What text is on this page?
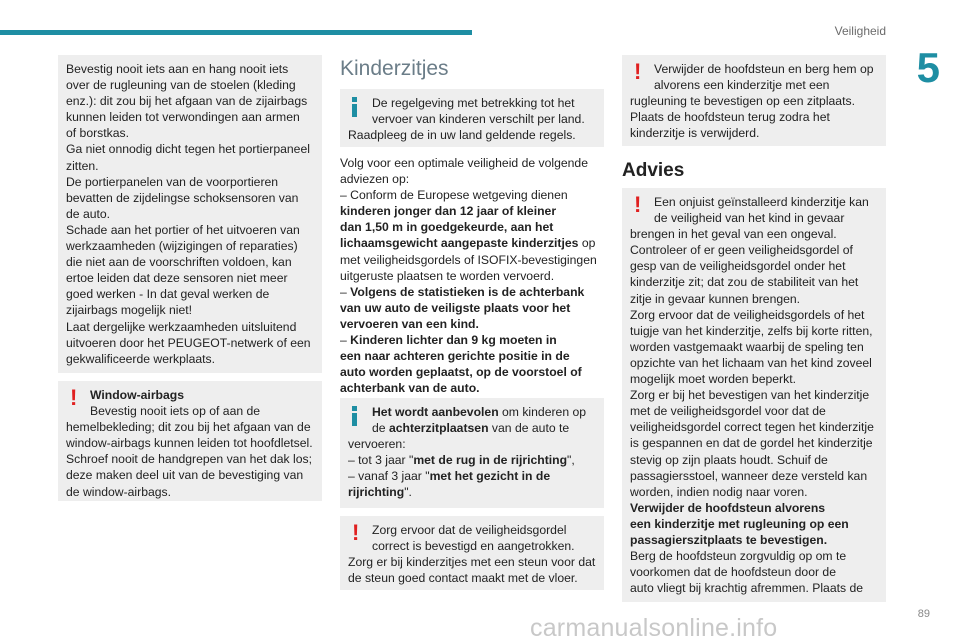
Veiligheid
5

Bevestig nooit iets aan en hang nooit iets

over de rugleuning van de stoelen (kleding

enz.): dit zou bij het afgaan van de zijairbags

kunnen leiden tot verwondingen aan armen

of borstkas.

Ga niet onnodig dicht tegen het portierpaneel

zitten.

De portierpanelen van de voorportieren

bevatten de zijdelingse schoksensoren van

de auto.

Schade aan het portier of het uitvoeren van

werkzaamheden (wijzigingen of reparaties)

die niet aan de voorschriften voldoen, kan

ertoe leiden dat deze sensoren niet meer

goed werken - In dat geval werken de

zijairbags mogelijk niet!

Laat dergelijke werkzaamheden uitsluitend

uitvoeren door het PEUGEOT-netwerk of een

gekwalificeerde werkplaats.

!	Window-airbags

Bevestig nooit iets op of aan de

hemelbekleding; dit zou bij het afgaan van de

window-airbags kunnen leiden tot hoofdletsel.

Schroef nooit de handgrepen van het dak los;

deze maken deel uit van de bevestiging van

de window-airbags.

Kinderzitjes

De regelgeving met betrekking tot het

vervoer van kinderen verschilt per land.

Raadpleeg de in uw land geldende regels.

Volg voor een optimale veiligheid de volgende

adviezen op:

– Conform de Europese wetgeving dienen

kinderen jonger dan 12 jaar of kleiner

dan 1,50 m in goedgekeurde, aan het

lichaamsgewicht aangepaste kinderzitjes op

met veiligheidsgordels of ISOFIX-bevestigingen

uitgeruste plaatsen te worden vervoerd.

– Volgens de statistieken is de achterbank

van uw auto de veiligste plaats voor het

vervoeren van een kind.

– Kinderen lichter dan 9 kg moeten in

een naar achteren gerichte positie in de

auto worden geplaatst, op de voorstoel of

achterbank van de auto.

Het wordt aanbevolen om kinderen op

de achterzitplaatsen van de auto te

vervoeren:

– tot 3 jaar "met de rug in de rijrichting",

– vanaf 3 jaar "met het gezicht in de

rijrichting".

!	Zorg ervoor dat de veiligheidsgordel

correct is bevestigd en aangetrokken.

Zorg er bij kinderzitjes met een steun voor dat

de steun goed contact maakt met de vloer.

!	Verwijder de hoofdsteun en berg hem op

alvorens een kinderzitje met een

rugleuning te bevestigen op een zitplaats.

Plaats de hoofdsteun terug zodra het

kinderzitje is verwijderd.

Advies
!	Een onjuist geïnstalleerd kinderzitje kan

de veiligheid van het kind in gevaar

brengen in het geval van een ongeval.

Controleer of er geen veiligheidsgordel of

gesp van de veiligheidsgordel onder het

kinderzitje zit; dat zou de stabiliteit van het

zitje in gevaar kunnen brengen.

Zorg ervoor dat de veiligheidsgordels of het

tuigje van het kinderzitje, zelfs bij korte ritten,

worden vastgemaakt waarbij de speling ten

opzichte van het lichaam van het kind zoveel

mogelijk moet worden beperkt.

Zorg er bij het bevestigen van het kinderzitje

met de veiligheidsgordel voor dat de

veiligheidsgordel correct tegen het kinderzitje

is gespannen en dat de gordel het kinderzitje

stevig op zijn plaats houdt. Schuif de

passagiersstoel, wanneer deze versteld kan

worden, indien nodig naar voren.

Verwijder de hoofdsteun alvorens

een kinderzitje met rugleuning op een

passagierszitplaats te bevestigen.

Berg de hoofdsteun zorgvuldig op om te

voorkomen dat de hoofdsteun door de

auto vliegt bij krachtig afremmen. Plaats de

89
carmanualsonline.info
